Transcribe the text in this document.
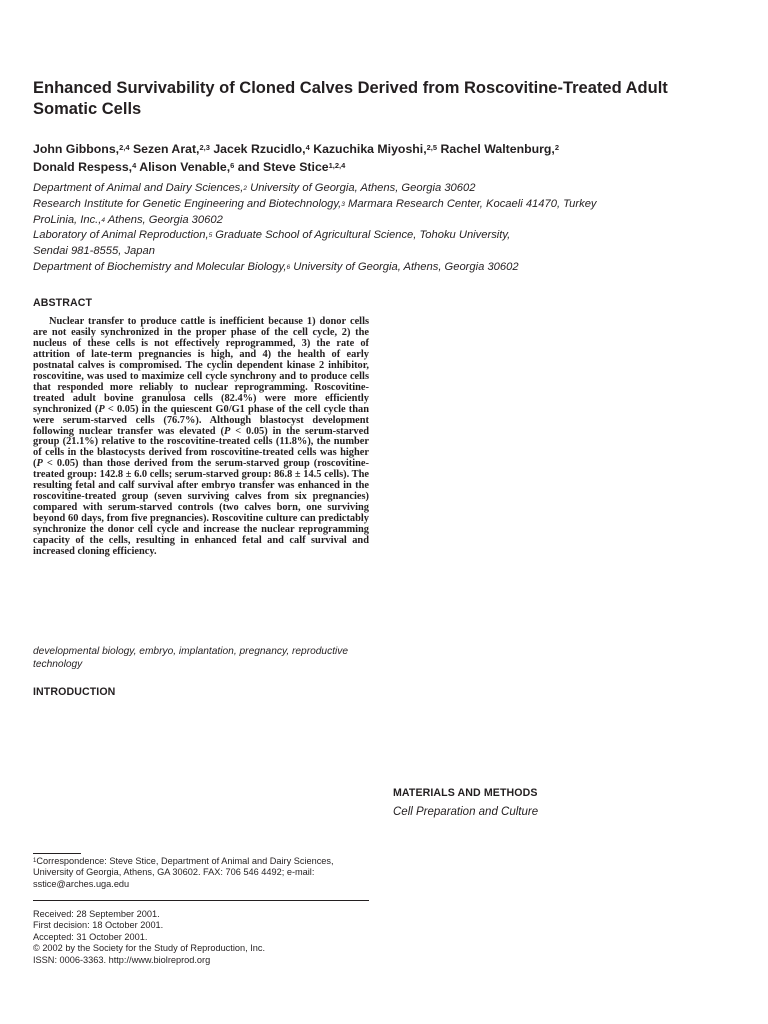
Enhanced Survivability of Cloned Calves Derived from Roscovitine-Treated Adult Somatic Cells
John Gibbons,$^{2,4}$ Sezen Arat,$^{2,3}$ Jacek Rzucidlo,$^4$ Kazuchika Miyoshi,$^{2,5}$ Rachel Waltenburg,$^2$
Donald Respess,$^4$ Alison Venable,$^6$ and Steve Stice$^{1,2,4}$
Department of Animal and Dairy Sciences,$^2$ University of Georgia, Athens, Georgia 30602
Research Institute for Genetic Engineering and Biotechnology,$^3$ Marmara Research Center, Kocaeli 41470, Turkey
ProLinia, Inc.,$^4$ Athens, Georgia 30602
Laboratory of Animal Reproduction,$^5$ Graduate School of Agricultural Science, Tohoku University,
Sendai 981-8555, Japan
Department of Biochemistry and Molecular Biology,$^6$ University of Georgia, Athens, Georgia 30602
ABSTRACT

Nuclear transfer to produce cattle is inefficient because 1) donor cells are not easily synchronized in the proper phase of the cell cycle, 2) the nucleus of these cells is not effectively reprogrammed, 3) the rate of attrition of late-term pregnancies is high, and 4) the health of early postnatal calves is compromised. The cyclin dependent kinase 2 inhibitor, roscovitine, was used to maximize cell cycle synchrony and to produce cells that responded more reliably to nuclear reprogramming. Roscovitine-treated adult bovine granulosa cells (82.4%) were more efficiently synchronized (P < 0.05) in the quiescent G0/G1 phase of the cell cycle than were serum-starved cells (76.7%). Although blastocyst development following nuclear transfer was elevated (P < 0.05) in the serum-starved group (21.1%) relative to the roscovitine-treated cells (11.8%), the number of cells in the blastocysts derived from roscovitine-treated cells was higher (P < 0.05) than those derived from the serum-starved group (roscovitine-treated group: 142.8 ± 6.0 cells; serum-starved group: 86.8 ± 14.5 cells). The resulting fetal and calf survival after embryo transfer was enhanced in the roscovitine-treated group (seven surviving calves from six pregnancies) compared with serum-starved controls (two calves born, one surviving beyond 60 days, from five pregnancies). Roscovitine culture can predictably synchronize the donor cell cycle and increase the nuclear reprogramming capacity of the cells, resulting in enhanced fetal and calf survival and increased cloning efficiency.

developmental biology, embryo, implantation, pregnancy, reproductive technology

INTRODUCTION
MATERIALS AND METHODS
Cell Preparation and Culture

$^1$Correspondence: Steve Stice, Department of Animal and Dairy Sciences, University of Georgia, Athens, GA 30602. FAX: 706 546 4492; e-mail: sstice@arches.uga.edu

Received: 28 September 2001.
First decision: 18 October 2001.
Accepted: 31 October 2001.
© 2002 by the Society for the Study of Reproduction, Inc.
ISSN: 0006-3363. http://www.biolreprod.org
